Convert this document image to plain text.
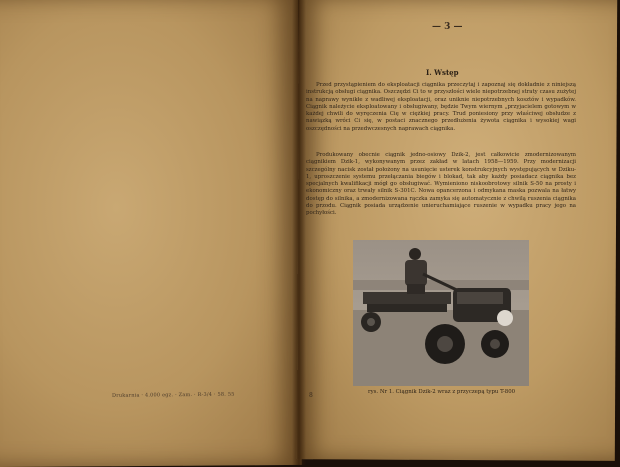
Drukarnia · 4.000 egz. · Zam. · R-3/4 · 58. 55
— 3 —
I. Wstęp

Przed przystąpieniem do eksploatacji ciągnika przeczytaj i zapoznaj się dokładnie z niniejszą instrukcją obsługi ciągnika. Oszczędzi Ci to w przyszłości wiele niepotrzebnej straty czasu zużytej na naprawy wynikłe z wadliwej eksploatacji, oraz uniknie niepotrzebnych kosztów i wypadków. Ciągnik należycie eksploatowany i obsługiwany, będzie Twym wiernym „przyjacielem gotowym w każdej chwili do wyręczenia Cię w ciężkiej pracy. Trud poniesiony przy właściwej obsłudze z nawiązką wróci Ci się, w postaci znacznego przedłużenia żywota ciągnika i wysokiej wagi oszczędności na przedwczesnych naprawach ciągnika.

Produkowany obecnie ciągnik jedno-osiowy Dzik-2, jest całkowicie zmodernizowanym ciągnikiem Dzik-1, wykonywanym przez zakład w latach 1958—1959. Przy modernizacji szczególny nacisk został położony na usunięcie usterek konstrukcyjnych występujących w Dziku-1, uproszczenie systemu przełączania biegów i blokad, tak aby każdy posiadacz ciągnika bez specjalnych kwalifikacji mógł go obsługiwać. Wymieniono niskoobrotowy silnik S-50 na prosty i ekonomiczny oraz trwały silnik S-301C. Nowa opancerzona i odmykana maska pozwala na łatwy dostęp do silnika, a zmodernizowana rączka zamyka się automatycznie z chwilą ruszenia ciągnika do przodu. Ciągnik posiada urządzenie unieruchamiające ruszenie w wypadku pracy jego na pochyłości.

8	rys. Nr 1. Ciągnik Dzik-2 wraz z przyczepą typu T-800
